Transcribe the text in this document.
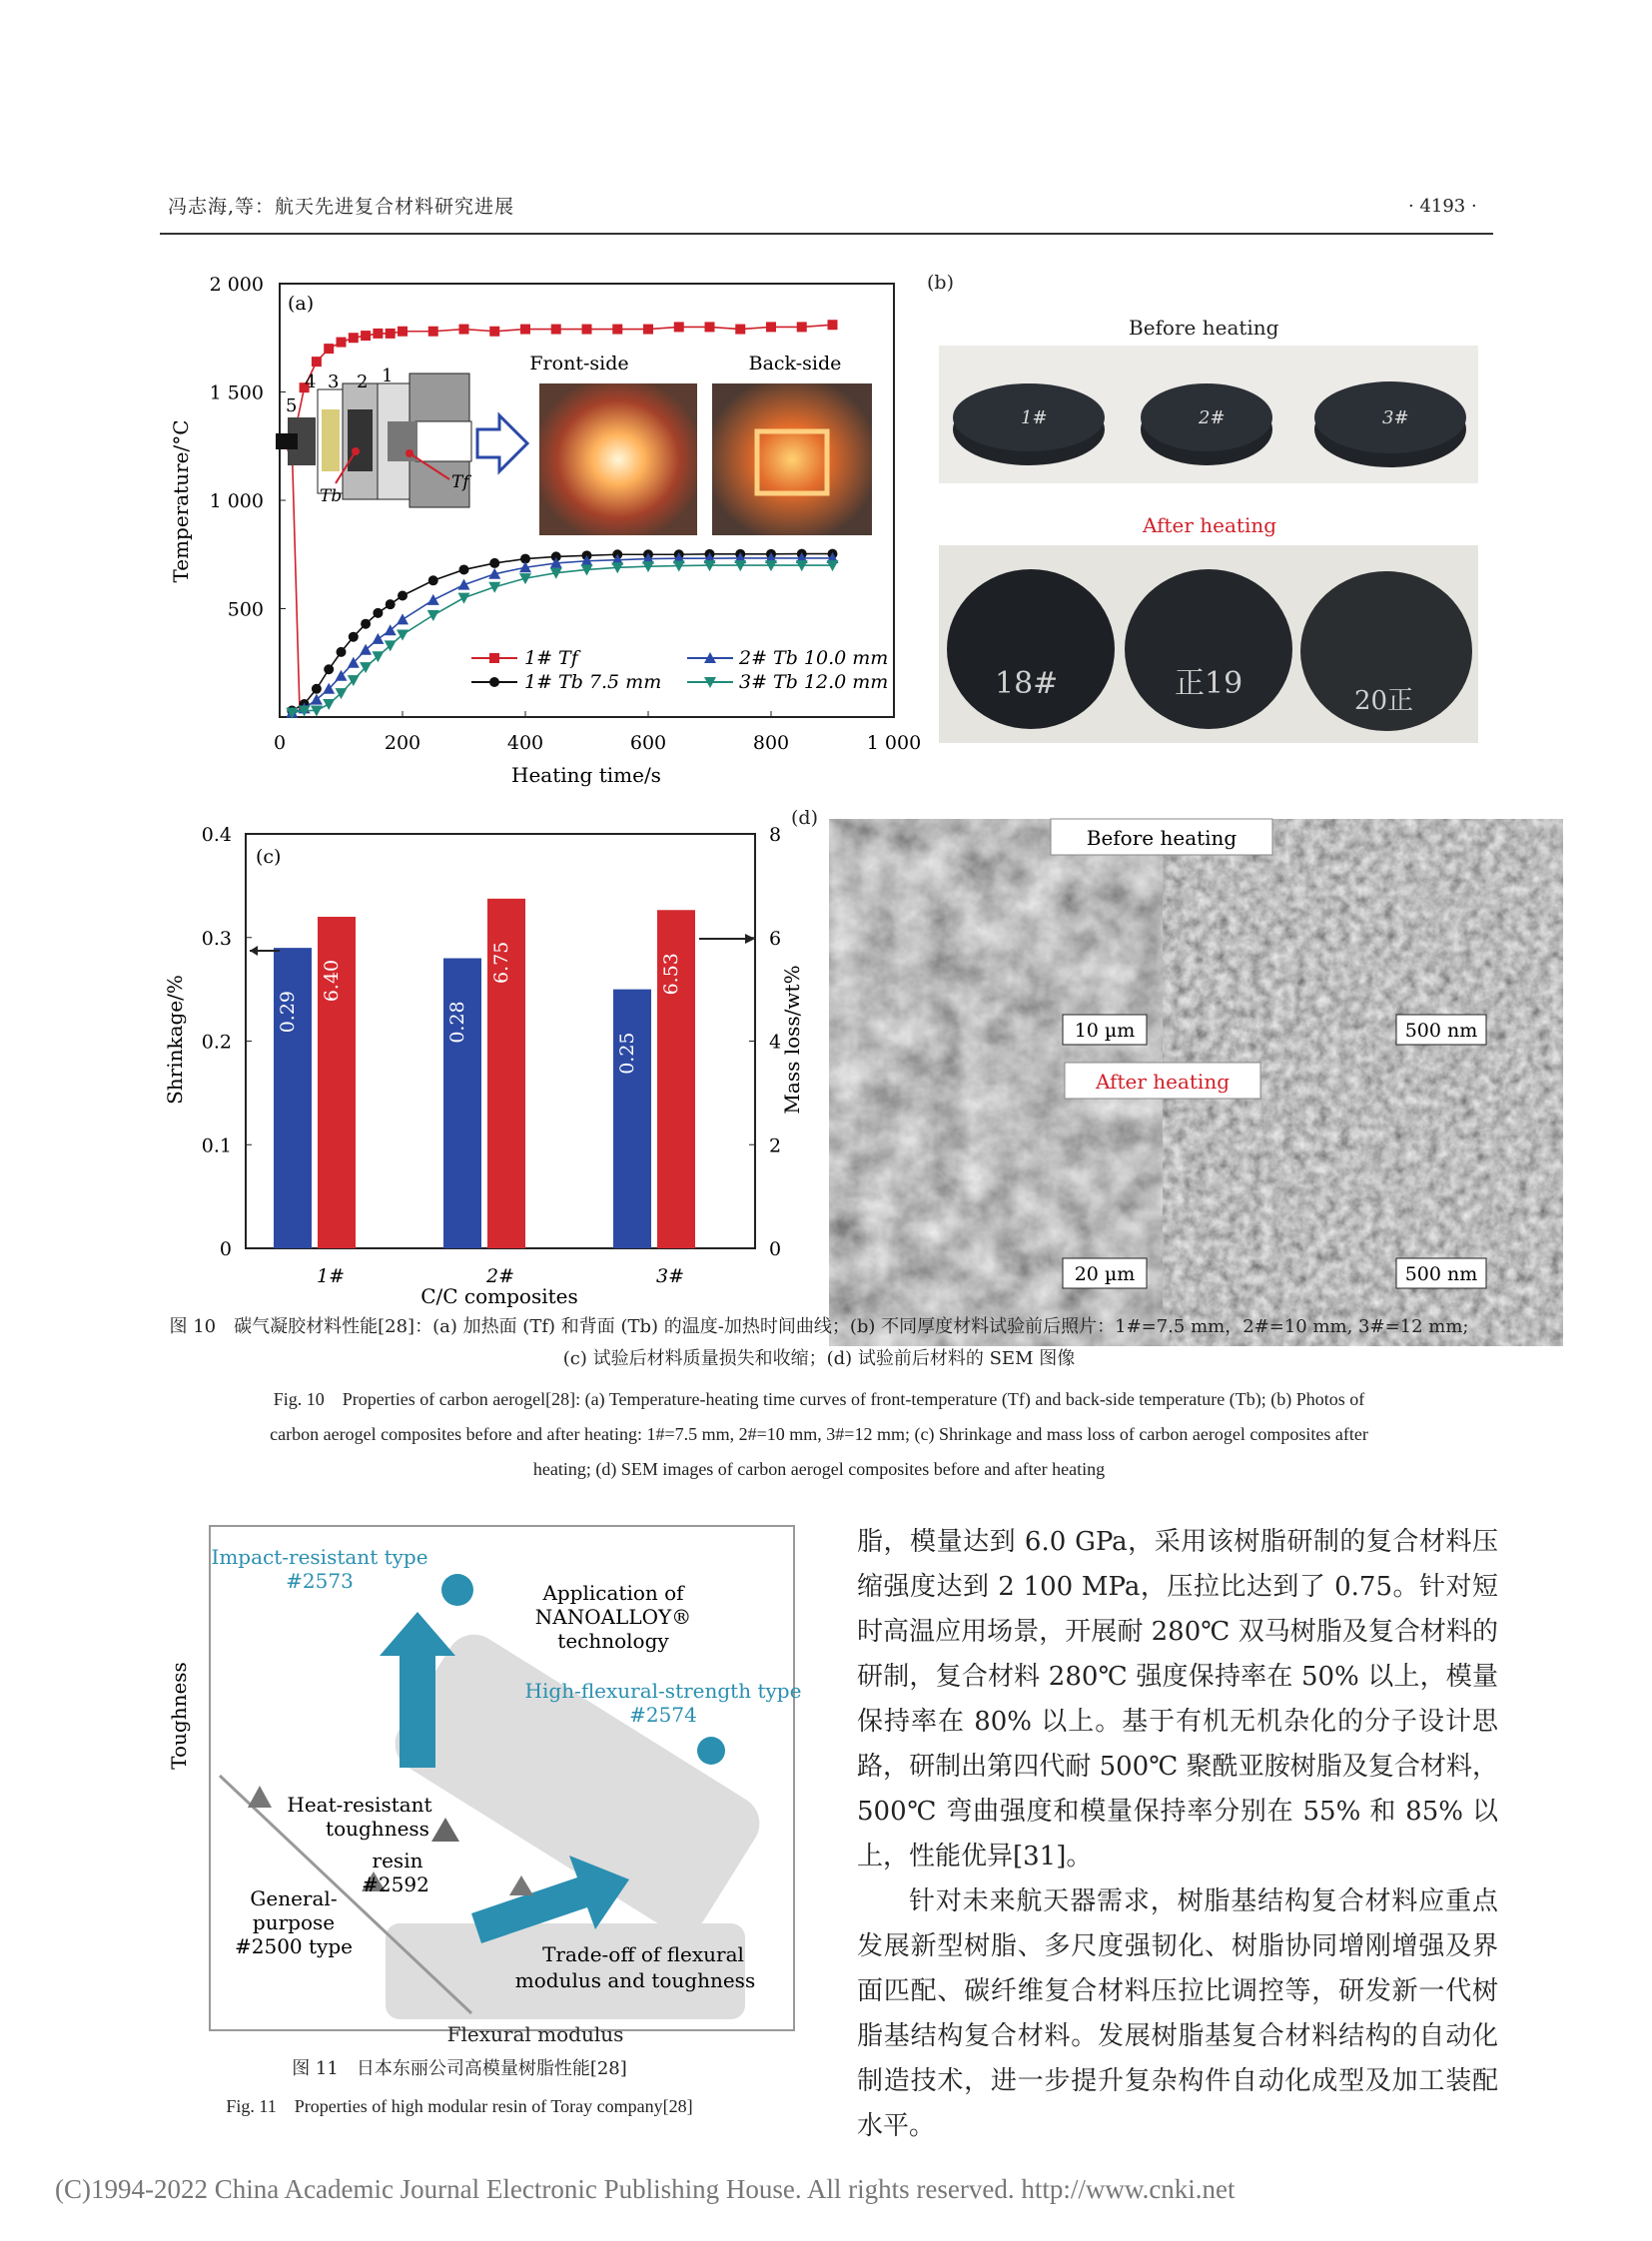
冯志海,等：航天先进复合材料研究进展	· 4193 ·
0	200	400	600	800	1 000
500
1 000
1 500
2 000
(a)
Temperature/°C
Heating time/s
1
2
3
4
5
Tb
Tf
Front-side	Back-side
1# Tf
1# Tb 7.5 mm
2# Tb 10.0 mm
3# Tb 12.0 mm
(b)
Before heating
1#	2#	3#
After heating
18#	正19	20正
0
0.1
0.2
0.3
0.4
0
2
4
6
8
1#	2#	3#
0.29
6.40
0.28
6.75
0.25
6.53
(c)
Shrinkage/%	Mass loss/wt%
C/C composites
(d)
Before heating
After heating
10 µm	500 nm
20 µm	500 nm
图 10　碳气凝胶材料性能[28]：(a) 加热面 (Tf) 和背面 (Tb) 的温度-加热时间曲线；(b) 不同厚度材料试验前后照片：1#=7.5 mm，2#=10 mm, 3#=12 mm;
(c) 试验后材料质量损失和收缩；(d) 试验前后材料的 SEM 图像
Fig. 10　Properties of carbon aerogel[28]: (a) Temperature-heating time curves of front-temperature (Tf) and back-side temperature (Tb); (b) Photos of
carbon aerogel composites before and after heating: 1#=7.5 mm, 2#=10 mm, 3#=12 mm; (c) Shrinkage and mass loss of carbon aerogel composites after
heating; (d) SEM images of carbon aerogel composites before and after heating
Impact-resistant type
#2573	Application of
NANOALLOY®
technology
High-flexural-strength type
#2574
Heat-resistant
toughness
resin
#2592
General-
purpose
#2500 type	Trade-off of flexural
modulus and toughness
Toughness
Flexural modulus
图 11　日本东丽公司高模量树脂性能[28]
Fig. 11　Properties of high modular resin of Toray company[28]

脂，模量达到 6.0 GPa，采用该树脂研制的复合材料压缩强度达到 2 100 MPa，压拉比达到了 0.75。针对短时高温应用场景，开展耐 280℃ 双马树脂及复合材料的研制，复合材料 280℃ 强度保持率在 50% 以上，模量保持率在 80% 以上。基于有机无机杂化的分子设计思路，研制出第四代耐 500℃ 聚酰亚胺树脂及复合材料，500℃ 弯曲强度和模量保持率分别在 55% 和 85% 以上，性能优异[31]。

针对未来航天器需求，树脂基结构复合材料应重点发展新型树脂、多尺度强韧化、树脂协同增刚增强及界面匹配、碳纤维复合材料压拉比调控等，研发新一代树脂基结构复合材料。发展树脂基复合材料结构的自动化制造技术，进一步提升复杂构件自动化成型及加工装配水平。

(C)1994-2022 China Academic Journal Electronic Publishing House. All rights reserved. http://www.cnki.net
